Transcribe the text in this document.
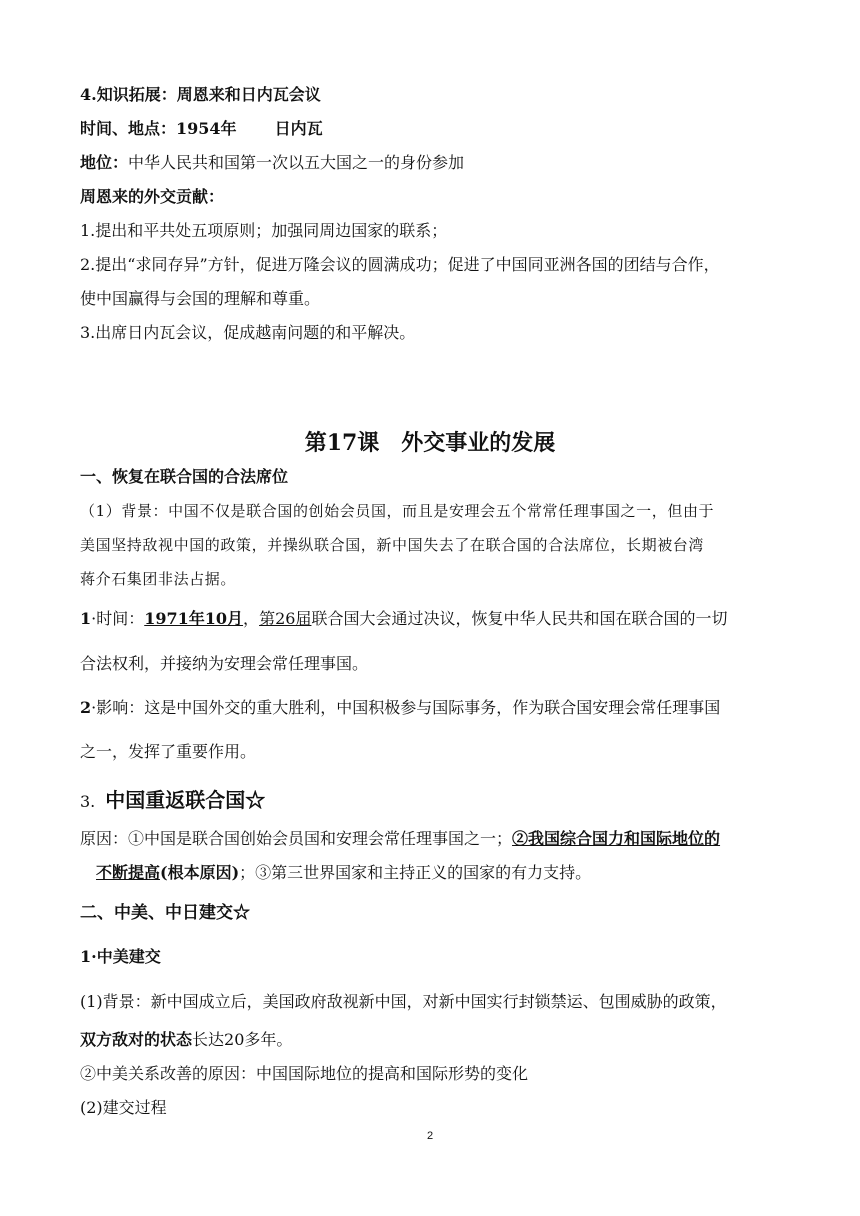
4.知识拓展：周恩来和日内瓦会议
时间、地点：1954年 日内瓦
地位：中华人民共和国第一次以五大国之一的身份参加
周恩来的外交贡献：
1.提出和平共处五项原则；加强同周边国家的联系；
2.提出“求同存异”方针，促进万隆会议的圆满成功；促进了中国同亚洲各国的团结与合作，
使中国赢得与会国的理解和尊重。
3.出席日内瓦会议，促成越南问题的和平解决。
第17课　外交事业的发展
一、恢复在联合国的合法席位
（1）背景：中国不仅是联合国的创始会员国，而且是安理会五个常常任理事国之一，但由于
美国坚持敌视中国的政策，并操纵联合国，新中国失去了在联合国的合法席位，长期被台湾
蒋介石集团非法占据。
1·时间：1971年10月，第26届联合国大会通过决议，恢复中华人民共和国在联合国的一切
合法权利，并接纳为安理会常任理事国。
2·影响：这是中国外交的重大胜利，中国积极参与国际事务，作为联合国安理会常任理事国
之一，发挥了重要作用。
3. 中国重返联合国☆
原因：①中国是联合国创始会员国和安理会常任理事国之一；②我国综合国力和国际地位的
不断提高(根本原因)；③第三世界国家和主持正义的国家的有力支持。
二、中美、中日建交☆
1·中美建交
(1)背景：新中国成立后，美国政府敌视新中国，对新中国实行封锁禁运、包围威胁的政策，
双方敌对的状态长达20多年。
②中美关系改善的原因：中国国际地位的提高和国际形势的变化
(2)建交过程
2
